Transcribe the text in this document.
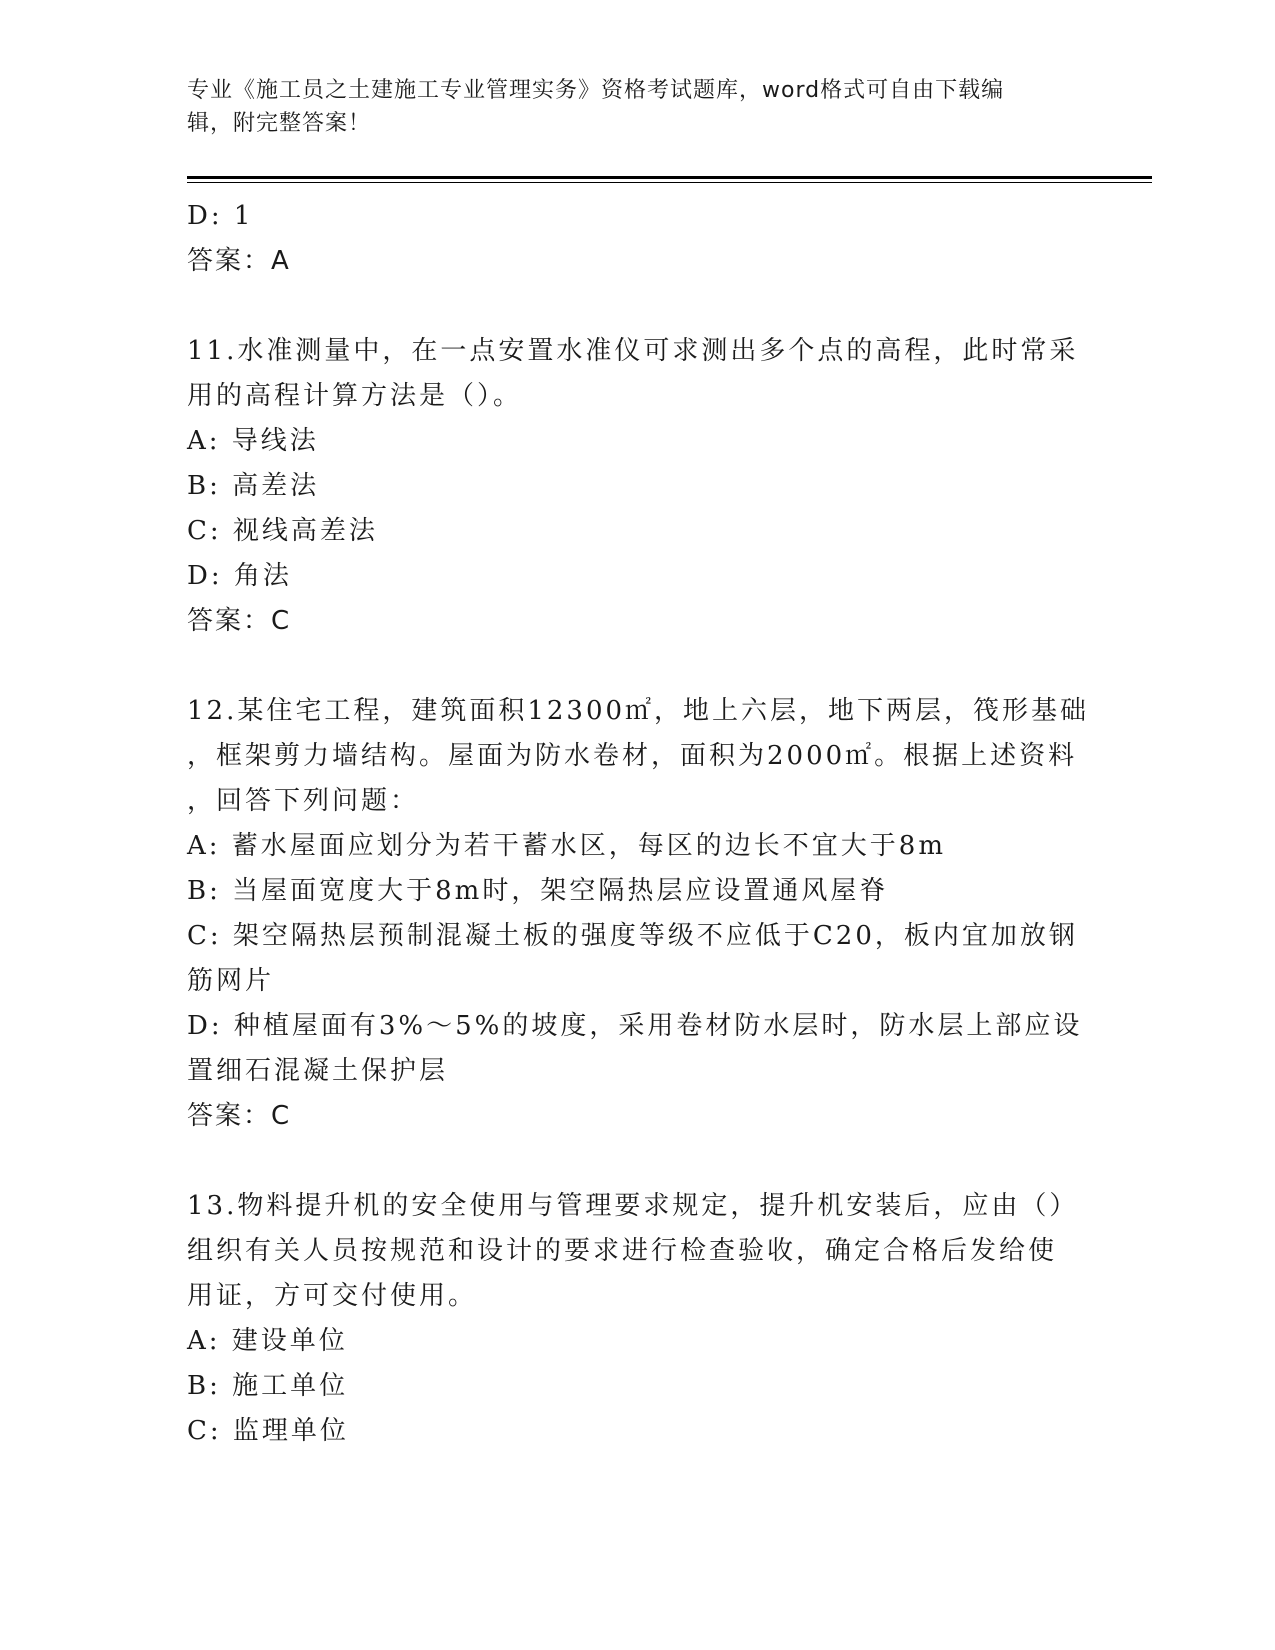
专业《施工员之土建施工专业管理实务》资格考试题库，word格式可自由下载编
辑，附完整答案！
D: 1
答案：A
11.水准测量中，在一点安置水准仪可求测出多个点的高程，此时常采
用的高程计算方法是（）。
A: 导线法
B: 高差法
C: 视线高差法
D: 角法
答案：C
12.某住宅工程，建筑面积12300㎡，地上六层，地下两层，筏形基础
，框架剪力墙结构。屋面为防水卷材，面积为2000㎡。根据上述资料
，回答下列问题：
A: 蓄水屋面应划分为若干蓄水区，每区的边长不宜大于8m
B: 当屋面宽度大于8m时，架空隔热层应设置通风屋脊
C: 架空隔热层预制混凝土板的强度等级不应低于C20，板内宜加放钢
筋网片
D: 种植屋面有3%～5%的坡度，采用卷材防水层时，防水层上部应设
置细石混凝土保护层
答案：C
13.物料提升机的安全使用与管理要求规定，提升机安装后，应由（）
组织有关人员按规范和设计的要求进行检查验收，确定合格后发给使
用证，方可交付使用。
A: 建设单位
B: 施工单位
C: 监理单位
